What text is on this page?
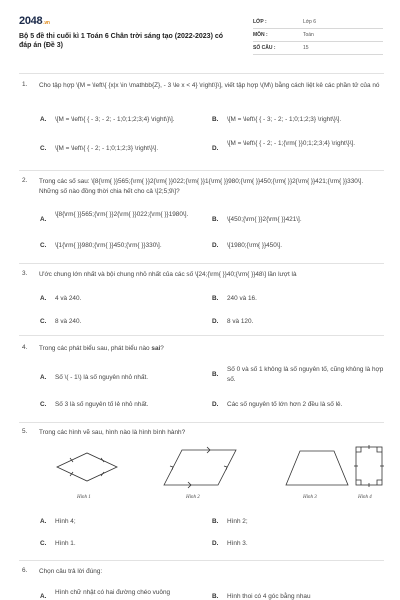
2048.vn
Bộ 5 đề thi cuối kì 1 Toán 6 Chân trời sáng tạo (2022-2023) có đáp án (Đề 3)
LỚP :	Lớp 6
MÔN :	Toán
SỐ CÂU :	15
1. Cho tập hợp \[M = \left\{ {x|x \in \mathbb{Z}, - 3 \le x < 4} \right\}\], viết tập hợp \(M\) bằng cách liệt kê các phần tử của nó
A. \[M = \left\{ { - 3; - 2; - 1;0;1;2;3;4} \right\}\].	B. \[M = \left\{ { - 3; - 2; - 1;0;1;2;3} \right\}\].
C. \[M = \left\{ { - 2; - 1;0;1;2;3} \right\}\].	D.
\[M = \left\{ { - 2; - 1;{\rm{ }}0;1;2;3;4} \right\}\].
2. Trong các số sau: \[8{\rm{ }}565;{\rm{ }}2{\rm{ }}022;{\rm{ }}1{\rm{ }}980;{\rm{ }}450;{\rm{ }}2{\rm{ }}421;{\rm{ }}330\]. Những số nào đồng thời chia hết cho cả \[2;5;9\]?
A.
\[8{\rm{ }}565;{\rm{ }}2{\rm{ }}022;{\rm{ }}1980\].
B. \[450;{\rm{ }}2{\rm{ }}421\].
C. \[1{\rm{ }}980;{\rm{ }}450;{\rm{ }}330\].	D. \[1980;{\rm{ }}450\].
3. Ước chung lớn nhất và bội chung nhỏ nhất của các số \[24;{\rm{ }}40;{\rm{ }}48\] lần lượt là
A. 4 và 240.	B. 240 và 16.
C. 8 và 240.	D. 8 và 120.
4. Trong các phát biểu sau, phát biểu nào sai?
A. Số \( - 1\) là số nguyên nhỏ nhất.	B.
Số 0 và số 1 không là số nguyên tố, cũng không là hợp số.
C. Số 3 là số nguyên tố lẻ nhỏ nhất.	D. Các số nguyên tố lớn hơn 2 đều là số lẻ.
5. Trong các hình vẽ sau, hình nào là hình bình hành?
Hình 1	Hình 2	Hình 3	Hình 4
A. Hình 4;	B. Hình 2;
C. Hình 1.	D. Hình 3.
6. Chọn câu trả lời đúng:
A.
Hình chữ nhật có hai đường chéo vuông
B. Hình thoi có 4 góc bằng nhau
